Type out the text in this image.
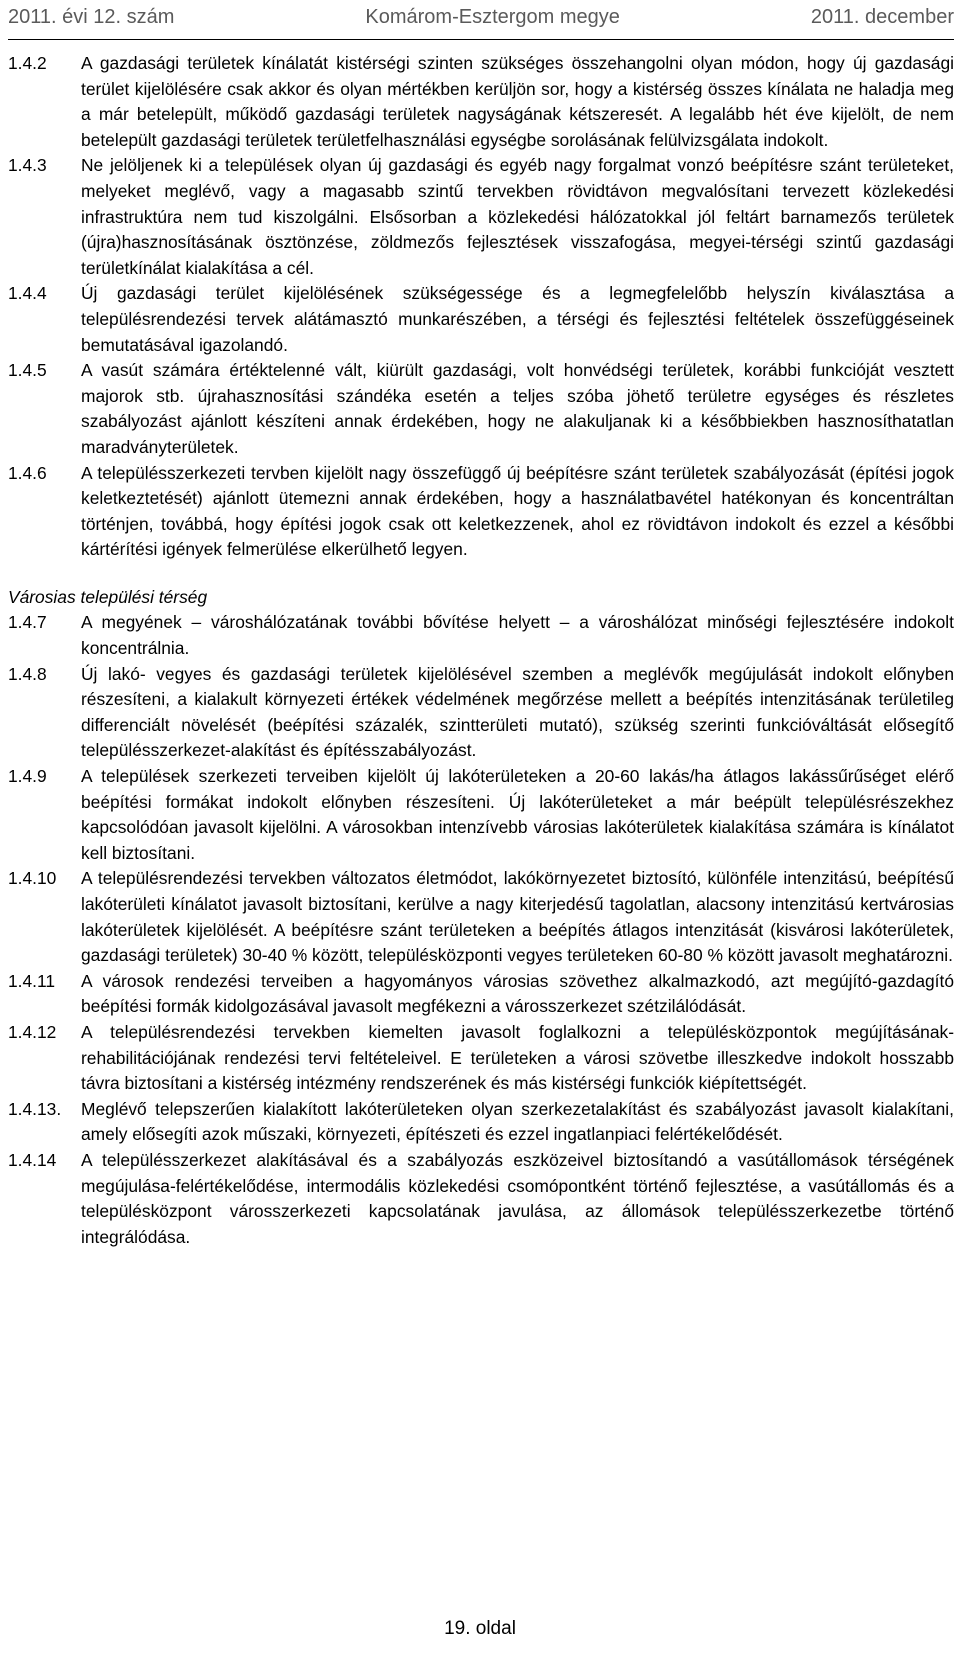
2011. évi 12. szám	Komárom-Esztergom megye	2011. december
1.4.2	A gazdasági területek kínálatát kistérségi szinten szükséges összehangolni olyan módon, hogy új gazdasági terület kijelölésére csak akkor és olyan mértékben kerüljön sor, hogy a kistérség összes kínálata ne haladja meg a már betelepült, működő gazdasági területek nagyságának kétszeresét. A legalább hét éve kijelölt, de nem betelepült gazdasági területek területfelhasználási egységbe sorolásának felülvizsgálata indokolt.
1.4.3	Ne jelöljenek ki a települések olyan új gazdasági és egyéb nagy forgalmat vonzó beépítésre szánt területeket, melyeket meglévő, vagy a magasabb szintű tervekben rövidtávon megvalósítani tervezett közlekedési infrastruktúra nem tud kiszolgálni. Elsősorban a közlekedési hálózatokkal jól feltárt barnamezős területek (újra)hasznosításának ösztönzése, zöldmezős fejlesztések visszafogása, megyei-térségi szintű gazdasági területkínálat kialakítása a cél.
1.4.4	Új gazdasági terület kijelölésének szükségessége és a legmegfelelőbb helyszín kiválasztása a településrendezési tervek alátámasztó munkarészében, a térségi és fejlesztési feltételek összefüggéseinek bemutatásával igazolandó.
1.4.5	A vasút számára értéktelenné vált, kiürült gazdasági, volt honvédségi területek, korábbi funkcióját vesztett majorok stb. újrahasznosítási szándéka esetén a teljes szóba jöhető területre egységes és részletes szabályozást ajánlott készíteni annak érdekében, hogy ne alakuljanak ki a későbbiekben hasznosíthatatlan maradványterületek.
1.4.6	A településszerkezeti tervben kijelölt nagy összefüggő új beépítésre szánt területek szabályozását (építési jogok keletkeztetését) ajánlott ütemezni annak érdekében, hogy a használatbavétel hatékonyan és koncentráltan történjen, továbbá, hogy építési jogok csak ott keletkezzenek, ahol ez rövidtávon indokolt és ezzel a későbbi kártérítési igények felmerülése elkerülhető legyen.
Városias települési térség
1.4.7	A megyének – városhálózatának további bővítése helyett – a városhálózat minőségi fejlesztésére indokolt koncentrálnia.
1.4.8	Új lakó- vegyes és gazdasági területek kijelölésével szemben a meglévők megújulását indokolt előnyben részesíteni, a kialakult környezeti értékek védelmének megőrzése mellett a beépítés intenzitásának területileg differenciált növelését (beépítési százalék, szintterületi mutató), szükség szerinti funkcióváltását elősegítő településszerkezet-alakítást és építésszabályozást.
1.4.9	A települések szerkezeti terveiben kijelölt új lakóterületeken a 20-60 lakás/ha átlagos lakássűrűséget elérő beépítési formákat indokolt előnyben részesíteni. Új lakóterületeket a már beépült településrészekhez kapcsolódóan javasolt kijelölni. A városokban intenzívebb városias lakóterületek kialakítása számára is kínálatot kell biztosítani.
1.4.10	A településrendezési tervekben változatos életmódot, lakókörnyezetet biztosító, különféle intenzitású, beépítésű lakóterületi kínálatot javasolt biztosítani, kerülve a nagy kiterjedésű tagolatlan, alacsony intenzitású kertvárosias lakóterületek kijelölését. A beépítésre szánt területeken a beépítés átlagos intenzitását (kisvárosi lakóterületek, gazdasági területek) 30-40 % között, településközponti vegyes területeken 60-80 % között javasolt meghatározni.
1.4.11	A városok rendezési terveiben a hagyományos városias szövethez alkalmazkodó, azt megújító-gazdagító beépítési formák kidolgozásával javasolt megfékezni a városszerkezet szétzilálódását.
1.4.12	A településrendezési tervekben kiemelten javasolt foglalkozni a településközpontok megújításának-rehabilitációjának rendezési tervi feltételeivel. E területeken a városi szövetbe illeszkedve indokolt hosszabb távra biztosítani a kistérség intézmény rendszerének és más kistérségi funkciók kiépítettségét.
1.4.13.	Meglévő telepszerűen kialakított lakóterületeken olyan szerkezetalakítást és szabályozást javasolt kialakítani, amely elősegíti azok műszaki, környezeti, építészeti és ezzel ingatlanpiaci felértékelődését.
1.4.14	A településszerkezet alakításával és a szabályozás eszközeivel biztosítandó a vasútállomások térségének megújulása-felértékelődése, intermodális közlekedési csomópontként történő fejlesztése, a vasútállomás és a településközpont városszerkezeti kapcsolatának javulása, az állomások településszerkezetbe történő integrálódása.
19. oldal
